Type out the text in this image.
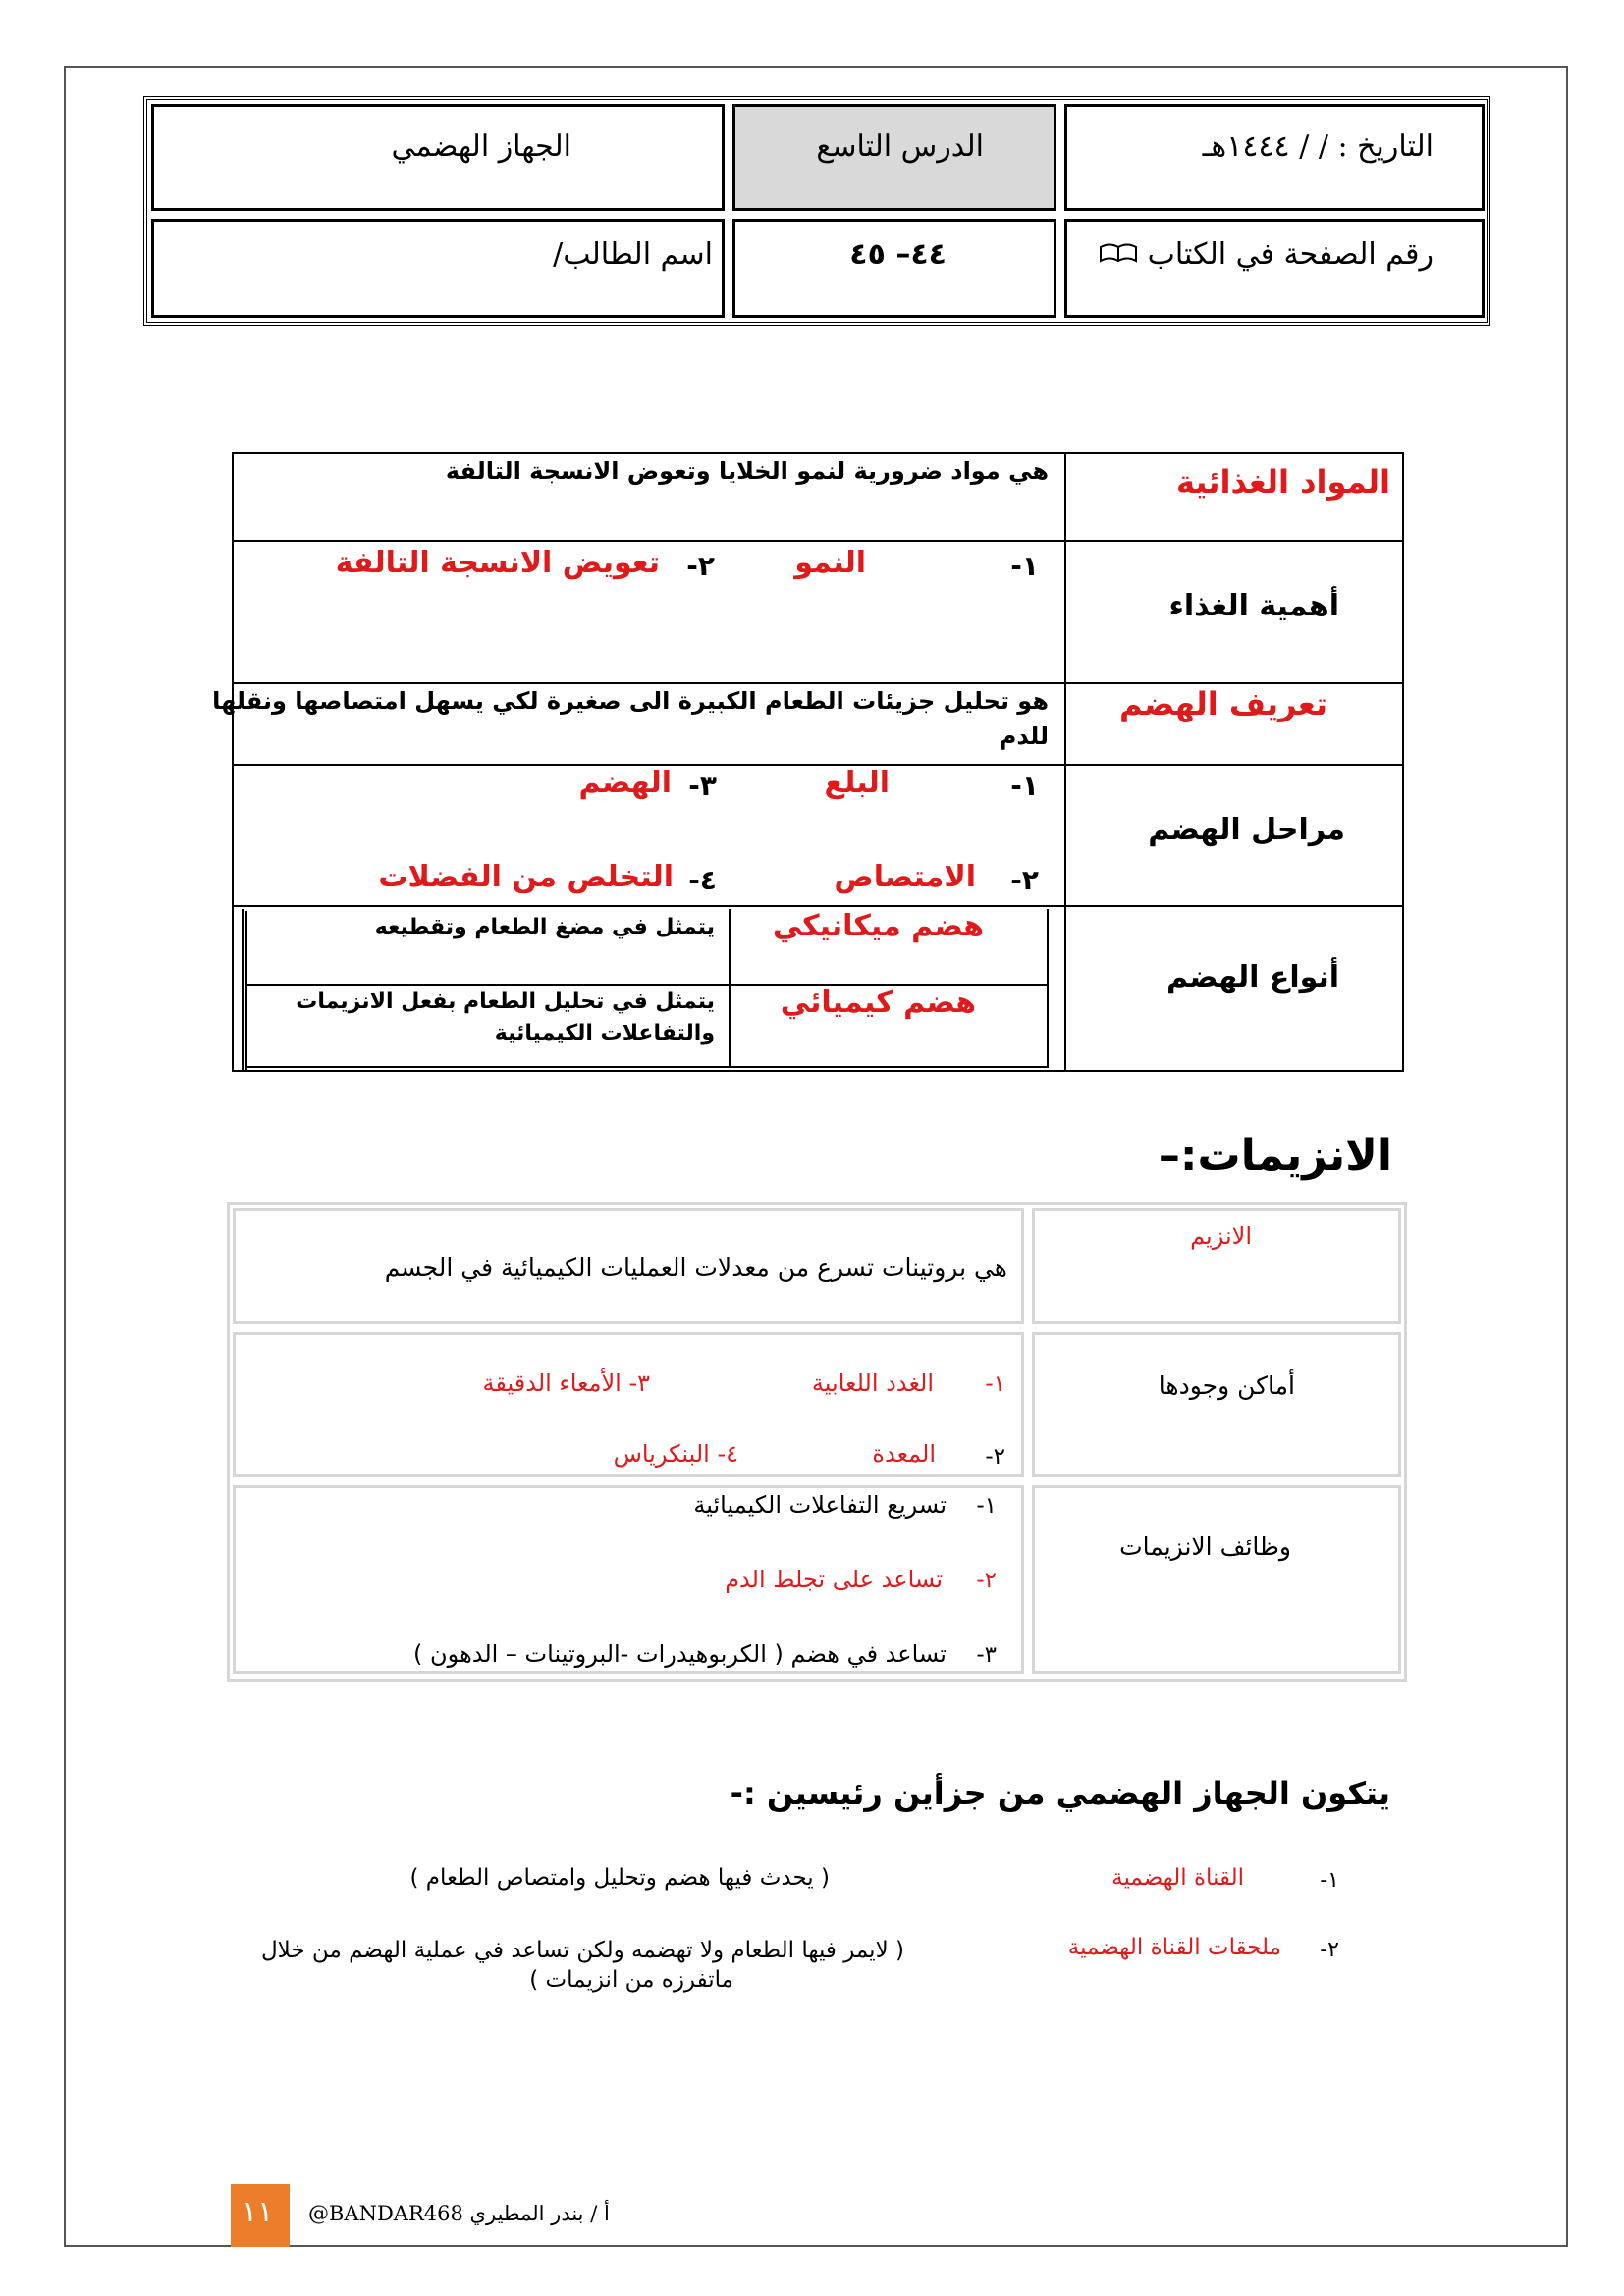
التاريخ : / / ١٤٤٤هـ
الدرس التاسع
الجهاز الهضمي
رقم الصفحة في الكتاب
٤٤– ٤٥
اسم الطالب/
المواد الغذائية
هي مواد ضرورية لنمو الخلايا وتعوض الانسجة التالفة
أهمية الغذاء
١-
النمو
٢-
تعويض الانسجة التالفة
تعريف الهضم
هو تحليل جزيئات الطعام الكبيرة الى صغيرة لكي يسهل امتصاصها ونقلها
للدم
مراحل الهضم
١-
البلع
٣-
الهضم
٢-
الامتصاص
٤-
التخلص من الفضلات
أنواع الهضم
هضم ميكانيكي
يتمثل في مضغ الطعام وتقطيعه
هضم كيميائي
يتمثل في تحليل الطعام بفعل الانزيمات
والتفاعلات الكيميائية
الانزيمات:–
الانزيم
هي بروتينات تسرع من معدلات العمليات الكيميائية في الجسم
أماكن وجودها
١-
الغدد اللعابية
٣- الأمعاء الدقيقة
٢-
المعدة
٤- البنكرياس
وظائف الانزيمات
١-
تسريع التفاعلات الكيميائية
٢-
تساعد على تجلط الدم
٣-
تساعد في هضم ( الكربوهيدرات -البروتينات – الدهون )
يتكون الجهاز الهضمي من جزأين رئيسين :-
١-
القناة الهضمية
( يحدث فيها هضم وتحليل وامتصاص الطعام )
٢-
ملحقات القناة الهضمية
( لايمر فيها الطعام ولا تهضمه ولكن تساعد في عملية الهضم من خلال
ماتفرزه من انزيمات )
١١ @BANDAR468 أ / بندر المطيري
